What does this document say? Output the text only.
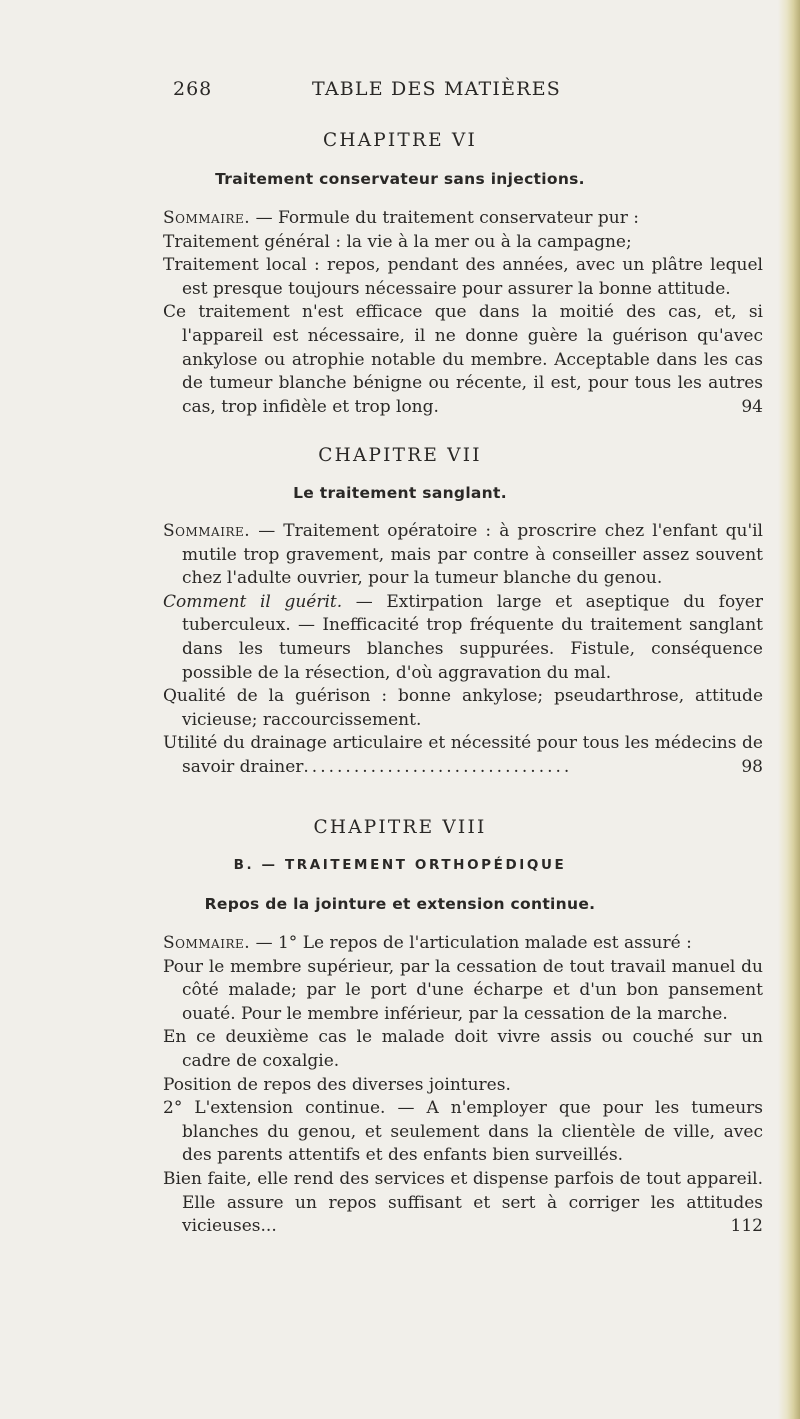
268	TABLE DES MATIÈRES
CHAPITRE VI
Traitement conservateur sans injections.

Sommaire. — Formule du traitement conservateur pur :

Traitement général : la vie à la mer ou à la campagne;

Traitement local : repos, pendant des années, avec un plâtre lequel est presque toujours nécessaire pour assurer la bonne attitude.

Ce traitement n'est efficace que dans la moitié des cas, et, si l'appareil est nécessaire, il ne donne guère la guérison qu'avec ankylose ou atrophie notable du membre. Acceptable dans les cas de tumeur blanche bénigne ou récente, il est, pour tous les autres cas, trop infidèle et trop long.	94

CHAPITRE VII
Le traitement sanglant.

Sommaire. — Traitement opératoire : à proscrire chez l'enfant qu'il mutile trop gravement, mais par contre à conseiller assez souvent chez l'adulte ouvrier, pour la tumeur blanche du genou.

Comment il guérit. — Extirpation large et aseptique du foyer tuberculeux. — Inefficacité trop fréquente du traitement sanglant dans les tumeurs blanches suppurées. Fistule, conséquence possible de la résection, d'où aggravation du mal.

Qualité de la guérison : bonne ankylose; pseudarthrose, attitude vicieuse; raccourcissement.

Utilité du drainage articulaire et nécessité pour tous les médecins de savoir drainer................................	98

CHAPITRE VIII
B. — TRAITEMENT ORTHOPÉDIQUE
Repos de la jointure et extension continue.

Sommaire. — 1° Le repos de l'articulation malade est assuré :

Pour le membre supérieur, par la cessation de tout travail manuel du côté malade; par le port d'une écharpe et d'un bon pansement ouaté. Pour le membre inférieur, par la cessation de la marche.

En ce deuxième cas le malade doit vivre assis ou couché sur un cadre de coxalgie.

Position de repos des diverses jointures.

2° L'extension continue. — A n'employer que pour les tumeurs blanches du genou, et seulement dans la clientèle de ville, avec des parents attentifs et des enfants bien surveillés.

Bien faite, elle rend des services et dispense parfois de tout appareil. Elle assure un repos suffisant et sert à corriger les attitudes vicieuses...	112
